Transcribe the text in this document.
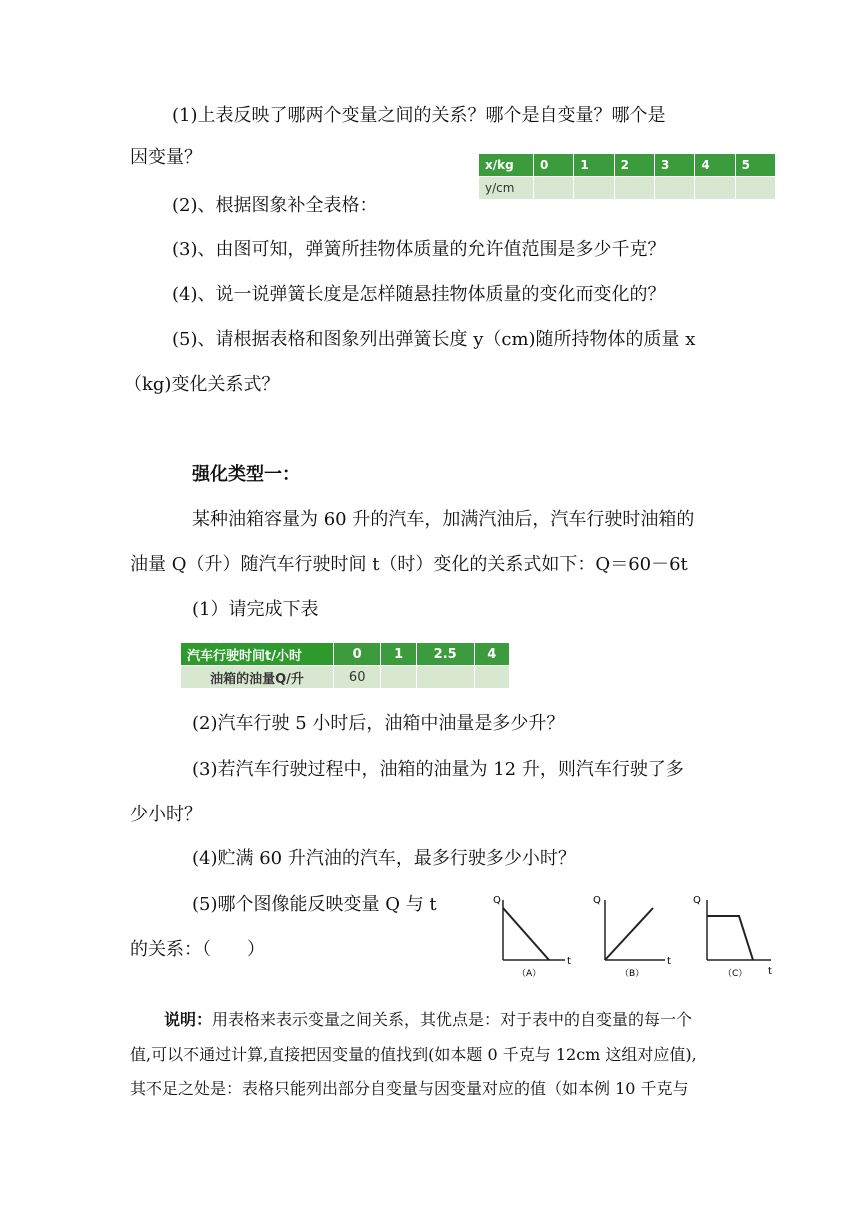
(1)上表反映了哪两个变量之间的关系？哪个是自变量？哪个是
因变量？	x/kg	0	1	2	3	4	5
y/cm						
(2)、根据图象补全表格：
(3)、由图可知，弹簧所挂物体质量的允许值范围是多少千克？
(4)、说一说弹簧长度是怎样随悬挂物体质量的变化而变化的？
(5)、请根据表格和图象列出弹簧长度 y（cm)随所持物体的质量 x
（kg)变化关系式？
强化类型一：
某种油箱容量为 60 升的汽车，加满汽油后，汽车行驶时油箱的
油量 Q（升）随汽车行驶时间 t（时）变化的关系式如下：Q＝60－6t
(1）请完成下表
汽车行驶时间t/小时	0	1	2.5	4
油箱的油量Q/升	60			
(2)汽车行驶 5 小时后，油箱中油量是多少升？
(3)若汽车行驶过程中，油箱的油量为 12 升，则汽车行驶了多
少小时？
(4)贮满 60 升汽油的汽车，最多行驶多少小时？
(5)哪个图像能反映变量 Q 与 t
的关系：（　　）
Q
t
（A）
Q
t
（B）
Q
t
（C）
说明：用表格来表示变量之间关系，其优点是：对于表中的自变量的每一个
值,可以不通过计算,直接把因变量的值找到(如本题 0 千克与 12cm 这组对应值),
其不足之处是：表格只能列出部分自变量与因变量对应的值（如本例 10 千克与
